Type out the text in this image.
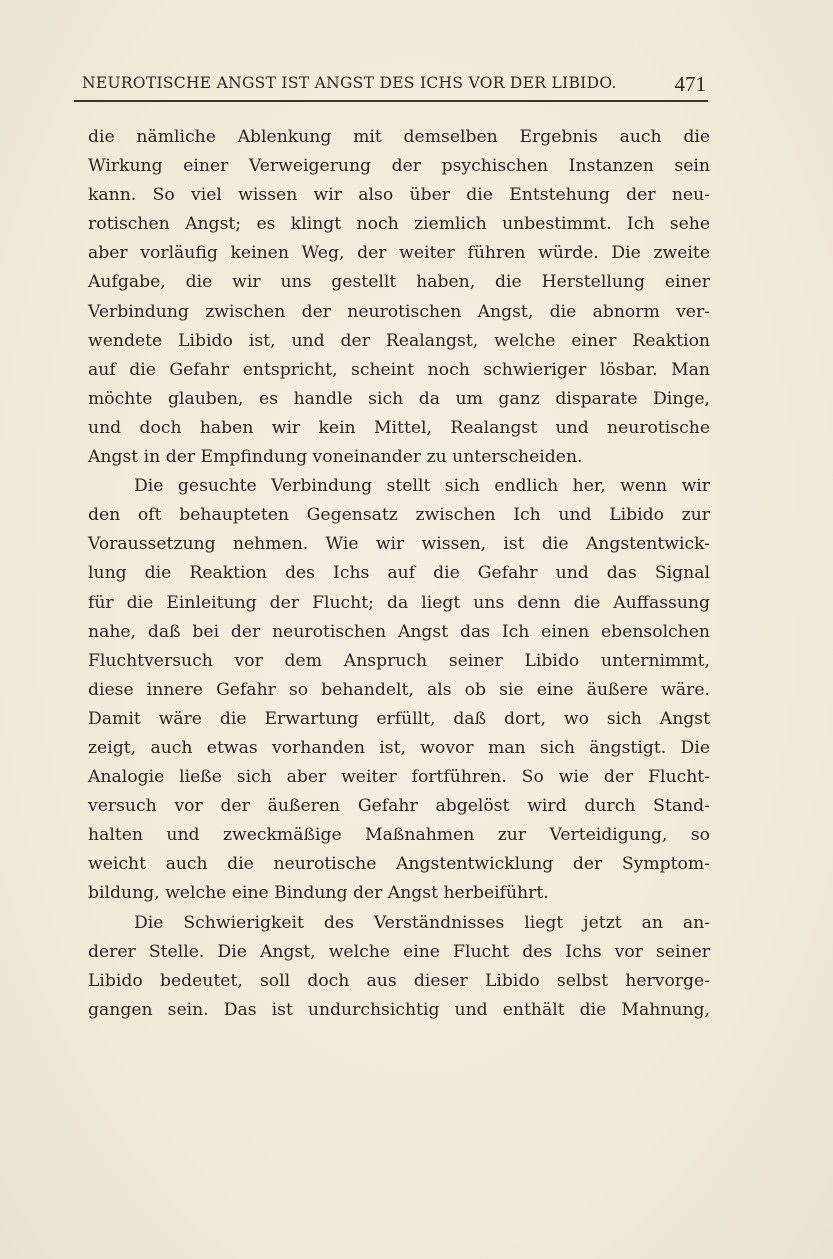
NEUROTISCHE ANGST IST ANGST DES ICHS VOR DER LIBIDO.	471
die nämliche Ablenkung mit demselben Ergebnis auch die
Wirkung einer Verweigerung der psychischen Instanzen sein
kann. So viel wissen wir also über die Entstehung der neu-
rotischen Angst; es klingt noch ziemlich unbestimmt. Ich sehe
aber vorläufig keinen Weg, der weiter führen würde. Die zweite
Aufgabe, die wir uns gestellt haben, die Herstellung einer
Verbindung zwischen der neurotischen Angst, die abnorm ver-
wendete Libido ist, und der Realangst, welche einer Reaktion
auf die Gefahr entspricht, scheint noch schwieriger lösbar. Man
möchte glauben, es handle sich da um ganz disparate Dinge,
und doch haben wir kein Mittel, Realangst und neurotische
Angst in der Empfindung voneinander zu unterscheiden.
Die gesuchte Verbindung stellt sich endlich her, wenn wir
den oft behaupteten Gegensatz zwischen Ich und Libido zur
Voraussetzung nehmen. Wie wir wissen, ist die Angstentwick-
lung die Reaktion des Ichs auf die Gefahr und das Signal
für die Einleitung der Flucht; da liegt uns denn die Auffassung
nahe, daß bei der neurotischen Angst das Ich einen ebensolchen
Fluchtversuch vor dem Anspruch seiner Libido unternimmt,
diese innere Gefahr so behandelt, als ob sie eine äußere wäre.
Damit wäre die Erwartung erfüllt, daß dort, wo sich Angst
zeigt, auch etwas vorhanden ist, wovor man sich ängstigt. Die
Analogie ließe sich aber weiter fortführen. So wie der Flucht-
versuch vor der äußeren Gefahr abgelöst wird durch Stand-
halten und zweckmäßige Maßnahmen zur Verteidigung, so
weicht auch die neurotische Angstentwicklung der Symptom-
bildung, welche eine Bindung der Angst herbeiführt.
Die Schwierigkeit des Verständnisses liegt jetzt an an-
derer Stelle. Die Angst, welche eine Flucht des Ichs vor seiner
Libido bedeutet, soll doch aus dieser Libido selbst hervorge-
gangen sein. Das ist undurchsichtig und enthält die Mahnung,
